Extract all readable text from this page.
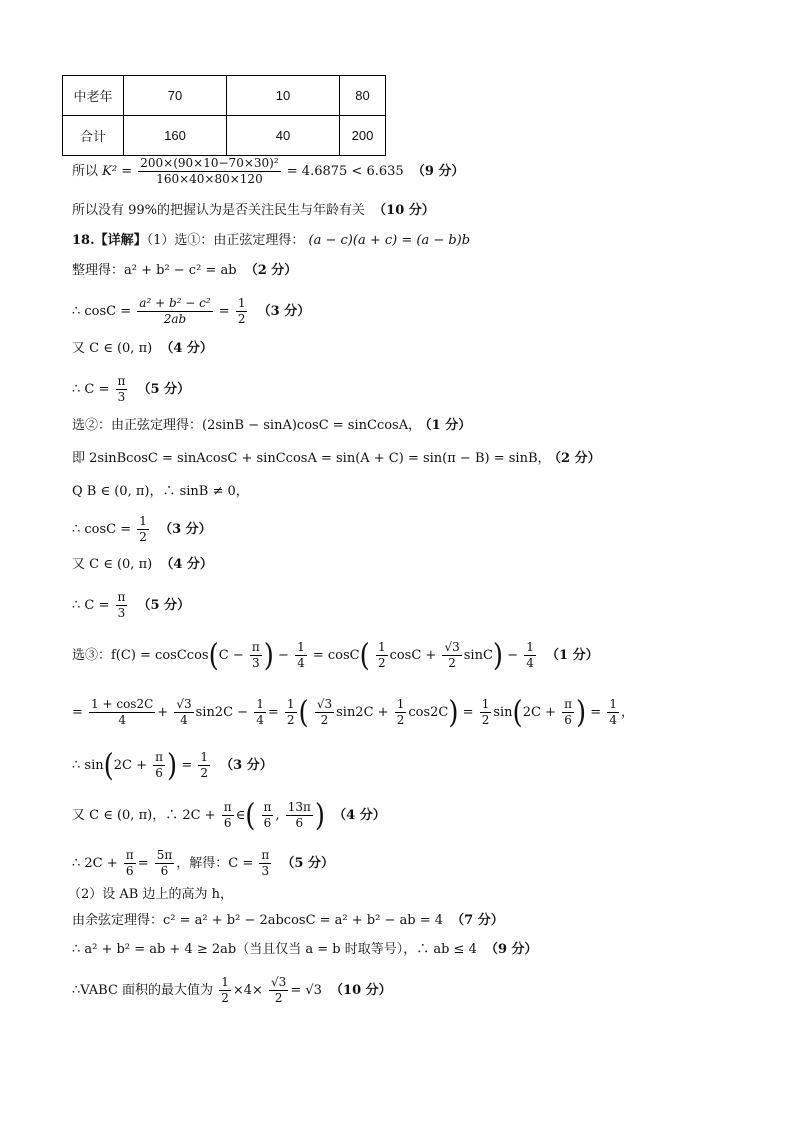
中老年	70	10	80
合计	160	40	200
所以 $K^2 = \frac{\text{200×(90×10−70×30)²}}{160\times 40\times 80\times 120} = 4.6875 < 6.635$ （9 分）
所以没有 99%的把握认为是否关注民生与年龄有关 （10 分）
18.【详解】（1）选①：由正弦定理得： (a − c)(a + c) = (a − b)b
整理得：a² + b² − c² = ab （2 分）
∴ $\cos C = \frac{\text{a² + b² − c²}}{2ab} = \frac{1}{2} (3$ 分）
又 C ∈ (0, π) （4 分）
∴ $C = \frac{\pi}{3} (5$ 分）
选②：由正弦定理得：(2sinB − sinA)cosC = sinCcosA， （1 分）
即 2sinBcosC = sinAcosC + sinCcosA = sin(A + C) = sin(π − B) = sinB， （2 分）
Q B ∈ (0, π)，∴ sinB ≠ 0，
∴ $\cos C = \frac{1}{2} (3$ 分）
又 C ∈ (0, π) （4 分）
∴ $C = \frac{\pi}{3} (5$ 分）
选③：f(C) = cosCcos(C − $\frac{\pi}{3}$ ) − $\frac{1}{4} = \cos C( \frac{1}{2}$ $\cos C + \frac{√3}{2} \sin C) - \frac{1}{4} (1$ 分）
= $\frac{1 + \cos 2C}{4} + \frac{√3}{4} \sin 2C - \frac{1}{4} = \frac{1}{2}$ ( $\frac{√3}{2} \sin 2C + \frac{1}{2} \cos 2C) = \frac{1}{2} \sin(2C + \frac{\pi}{6}$ ) = $\frac{1}{4}$ ，
∴ $\sin(2C + \frac{\pi}{6}$ ) = $\frac{1}{2} (3$ 分）
又 C ∈ (0, π)，∴ $2C + \frac{\pi}{6}$ ∈( $\frac{\pi}{6}$ , $\frac{13\pi}{6}$ ) （4 分）
∴ $2C + \frac{\pi}{6} = \frac{5\pi}{6}$ ，解得：$C = \frac{\pi}{3} (5$ 分）
（2）设 AB 边上的高为 h，
由余弦定理得：c² = a² + b² − 2abcosC = a² + b² − ab = 4 （7 分）
∴ a² + b² = ab + 4 ≥ 2ab（当且仅当 a = b 时取等号），∴ ab ≤ 4 （9 分）
∴VABC 面积的最大值为 $\frac{1}{2} \times 4\times \frac{√3}{2} = √3$ （10 分）
